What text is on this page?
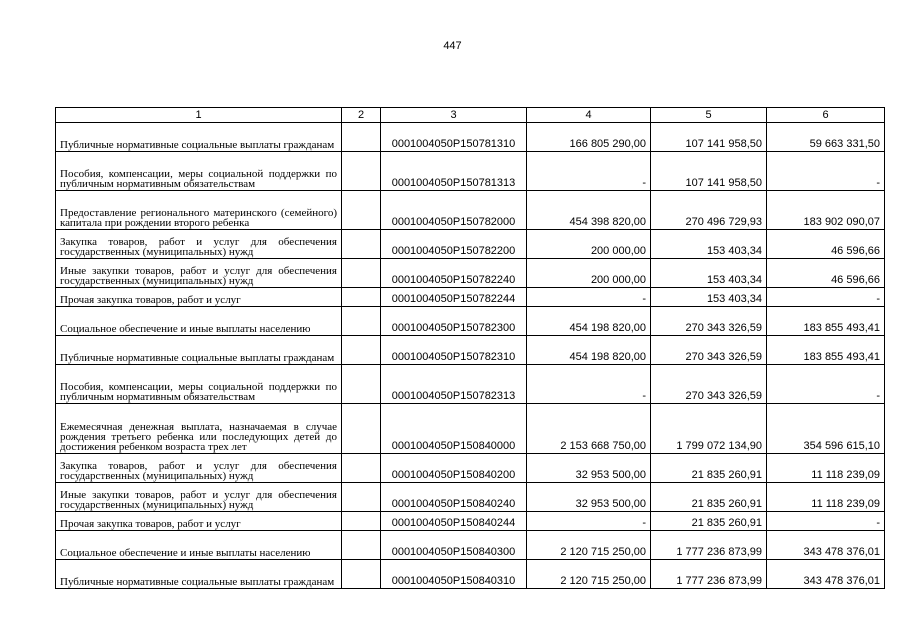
447
1	2	3	4	5	6
Публичные нормативные социальные выплаты гражданам		0001004050P150781310	166 805 290,00	107 141 958,50	59 663 331,50
Пособия, компенсации, меры социальной поддержки по публичным нормативным обязательствам		0001004050P150781313	-	107 141 958,50	-
Предоставление регионального материнского (семейного) капитала при рождении второго ребенка		0001004050P150782000	454 398 820,00	270 496 729,93	183 902 090,07
Закупка товаров, работ и услуг для обеспечения государственных (муниципальных) нужд		0001004050P150782200	200 000,00	153 403,34	46 596,66
Иные закупки товаров, работ и услуг для обеспечения государственных (муниципальных) нужд		0001004050P150782240	200 000,00	153 403,34	46 596,66
Прочая закупка товаров, работ и услуг		0001004050P150782244	-	153 403,34	-
Социальное обеспечение и иные выплаты населению		0001004050P150782300	454 198 820,00	270 343 326,59	183 855 493,41
Публичные нормативные социальные выплаты гражданам		0001004050P150782310	454 198 820,00	270 343 326,59	183 855 493,41
Пособия, компенсации, меры социальной поддержки по публичным нормативным обязательствам		0001004050P150782313	-	270 343 326,59	-
Ежемесячная денежная выплата, назначаемая в случае рождения третьего ребенка или последующих детей до достижения ребенком возраста трех лет		0001004050P150840000	2 153 668 750,00	1 799 072 134,90	354 596 615,10
Закупка товаров, работ и услуг для обеспечения государственных (муниципальных) нужд		0001004050P150840200	32 953 500,00	21 835 260,91	11 118 239,09
Иные закупки товаров, работ и услуг для обеспечения государственных (муниципальных) нужд		0001004050P150840240	32 953 500,00	21 835 260,91	11 118 239,09
Прочая закупка товаров, работ и услуг		0001004050P150840244	-	21 835 260,91	-
Социальное обеспечение и иные выплаты населению		0001004050P150840300	2 120 715 250,00	1 777 236 873,99	343 478 376,01
Публичные нормативные социальные выплаты гражданам		0001004050P150840310	2 120 715 250,00	1 777 236 873,99	343 478 376,01
